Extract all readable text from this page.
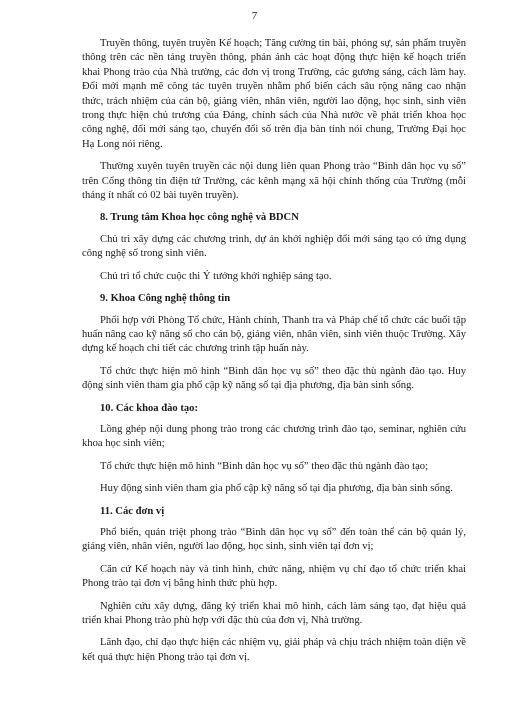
7

Truyền thông, tuyên truyền Kế hoạch; Tăng cường tin bài, phóng sự, sản phẩm truyền thông trên các nền tảng truyền thông, phản ánh các hoạt động thực hiện kế hoạch triển khai Phong trào của Nhà trường, các đơn vị trong Trường, các gương sáng, cách làm hay. Đổi mới mạnh mẽ công tác tuyên truyền nhằm phổ biến cách sâu rộng nâng cao nhận thức, trách nhiệm của cán bộ, giảng viên, nhân viên, người lao động, học sinh, sinh viên trong thực hiện chủ trương của Đảng, chính sách của Nhà nước về phát triển khoa học công nghệ, đổi mới sáng tạo, chuyển đổi số trên địa bàn tỉnh nói chung, Trường Đại học Hạ Long nói riêng.

Thường xuyên tuyên truyền các nội dung liên quan Phong trào “Bình dân học vụ số” trên Cổng thông tin điện tử Trường, các kênh mạng xã hội chính thống của Trường (mỗi tháng ít nhất có 02 bài tuyên truyền).

8. Trung tâm Khoa học công nghệ và BDCN

Chủ trì xây dựng các chương trình, dự án khởi nghiệp đổi mới sáng tạo có ứng dụng công nghệ số trong sinh viên.

Chủ trì tổ chức cuộc thi Ý tưởng khởi nghiệp sáng tạo.

9. Khoa Công nghệ thông tin

Phối hợp với Phòng Tổ chức, Hành chính, Thanh tra và Pháp chế tổ chức các buổi tập huấn nâng cao kỹ năng số cho cán bộ, giảng viên, nhân viên, sinh viên thuộc Trường. Xây dựng kế hoạch chi tiết các chương trình tập huấn này.

Tổ chức thực hiện mô hình “Bình dân học vụ số” theo đặc thù ngành đào tạo. Huy động sinh viên tham gia phổ cập kỹ năng số tại địa phương, địa bàn sinh sống.

10. Các khoa đào tạo:

Lồng ghép nội dung phong trào trong các chương trình đào tạo, seminar, nghiên cứu khoa học sinh viên;

Tổ chức thực hiện mô hình “Bình dân học vụ số” theo đặc thù ngành đào tạo;

Huy động sinh viên tham gia phổ cập kỹ năng số tại địa phương, địa bàn sinh sống.

11. Các đơn vị

Phổ biến, quán triệt phong trào “Bình dân học vụ số” đến toàn thể cán bộ quản lý, giảng viên, nhân viên, người lao động, học sinh, sinh viên tại đơn vị;

Căn cứ Kế hoạch này và tình hình, chức năng, nhiệm vụ chỉ đạo tổ chức triển khai Phong trào tại đơn vị bằng hình thức phù hợp.

Nghiên cứu xây dựng, đăng ký triển khai mô hình, cách làm sáng tạo, đạt hiệu quả triển khai Phong trào phù hợp với đặc thù của đơn vị, Nhà trường.

Lãnh đạo, chỉ đạo thực hiện các nhiệm vụ, giải pháp và chịu trách nhiệm toàn diện về kết quả thực hiện Phong trào tại đơn vị.
